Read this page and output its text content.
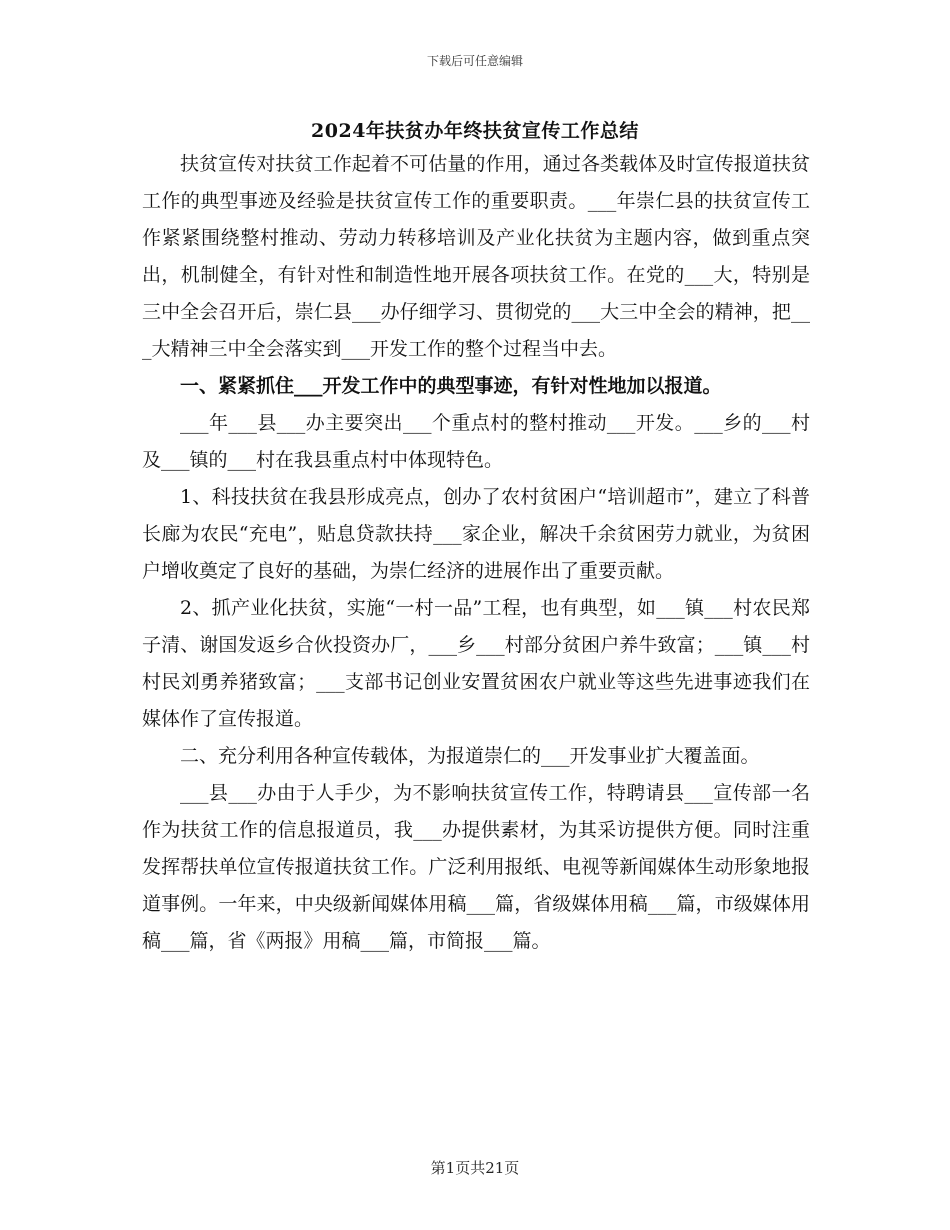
下载后可任意编辑
2024年扶贫办年终扶贫宣传工作总结

扶贫宣传对扶贫工作起着不可估量的作用，通过各类载体及时宣传报道扶贫工作的典型事迹及经验是扶贫宣传工作的重要职责。___年崇仁县的扶贫宣传工作紧紧围绕整村推动、劳动力转移培训及产业化扶贫为主题内容，做到重点突出，机制健全，有针对性和制造性地开展各项扶贫工作。在党的___大，特别是三中全会召开后，崇仁县___办仔细学习、贯彻党的___大三中全会的精神，把___大精神三中全会落实到___开发工作的整个过程当中去。

一、紧紧抓住___开发工作中的典型事迹，有针对性地加以报道。

___年___县___办主要突出___个重点村的整村推动___开发。___乡的___村及___镇的___村在我县重点村中体现特色。

1、科技扶贫在我县形成亮点，创办了农村贫困户“培训超市”，建立了科普长廊为农民“充电”，贴息贷款扶持___家企业，解决千余贫困劳力就业，为贫困户增收奠定了良好的基础，为崇仁经济的进展作出了重要贡献。

2、抓产业化扶贫，实施“一村一品”工程，也有典型，如___镇___村农民郑子清、谢国发返乡合伙投资办厂，___乡___村部分贫困户养牛致富；___镇___村村民刘勇养猪致富；___支部书记创业安置贫困农户就业等这些先进事迹我们在媒体作了宣传报道。

二、充分利用各种宣传载体，为报道崇仁的___开发事业扩大覆盖面。

___县___办由于人手少，为不影响扶贫宣传工作，特聘请县___宣传部一名作为扶贫工作的信息报道员，我___办提供素材，为其采访提供方便。同时注重发挥帮扶单位宣传报道扶贫工作。广泛利用报纸、电视等新闻媒体生动形象地报道事例。一年来，中央级新闻媒体用稿___篇，省级媒体用稿___篇，市级媒体用稿___篇，省《两报》用稿___篇，市简报___篇。

第1页共21页
